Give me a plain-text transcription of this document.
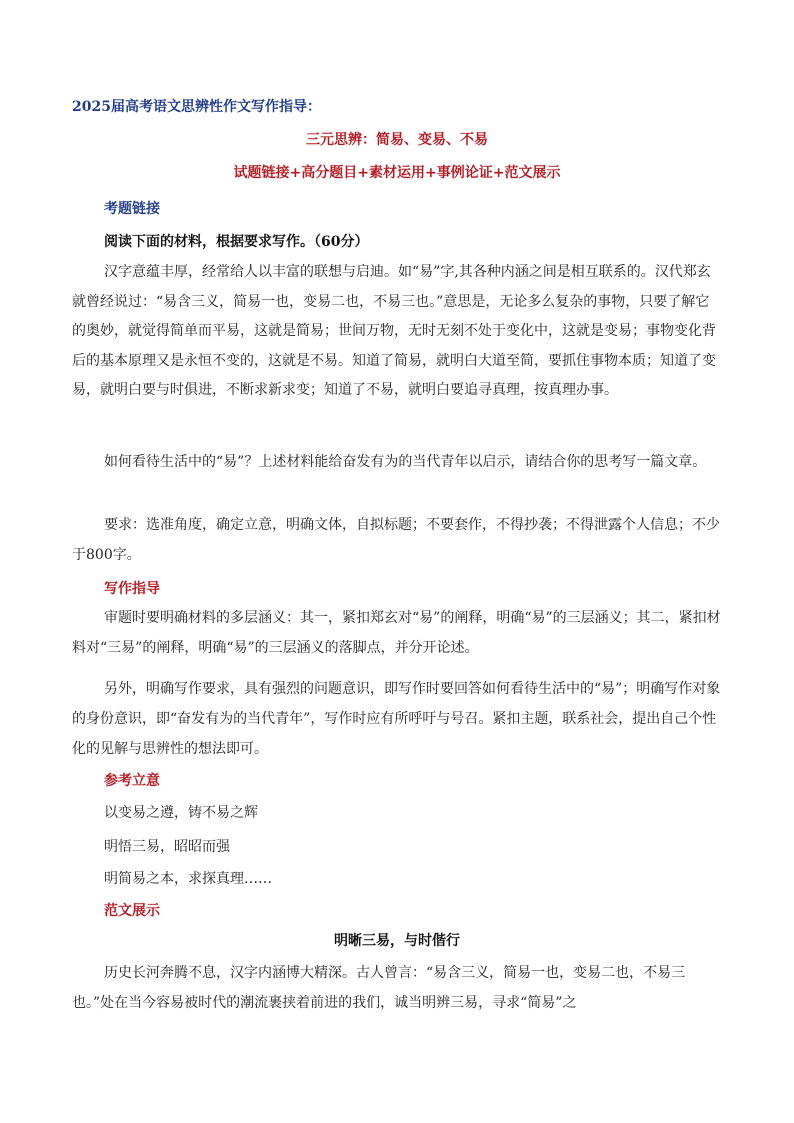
2025届高考语文思辨性作文写作指导：
三元思辨：简易、变易、不易
试题链接+高分题目+素材运用+事例论证+范文展示
考题链接
阅读下面的材料，根据要求写作。（60分）

汉字意蕴丰厚，经常给人以丰富的联想与启迪。如“易”字,其各种内涵之间是相互联系的。汉代郑玄就曾经说过：“易含三义，简易一也，变易二也，不易三也。”意思是，无论多么复杂的事物，只要了解它的奥妙，就觉得简单而平易，这就是简易；世间万物，无时无刻不处于变化中，这就是变易；事物变化背后的基本原理又是永恒不变的，这就是不易。知道了简易，就明白大道至简，要抓住事物本质；知道了变易，就明白要与时俱进，不断求新求变；知道了不易，就明白要追寻真理，按真理办事。

如何看待生活中的“易”？上述材料能给奋发有为的当代青年以启示，请结合你的思考写一篇文章。

要求：选准角度，确定立意，明确文体，自拟标题；不要套作，不得抄袭；不得泄露个人信息；不少于800字。

写作指导

审题时要明确材料的多层涵义：其一，紧扣郑玄对“易”的阐释，明确“易”的三层涵义；其二，紧扣材料对“三易”的阐释，明确“易”的三层涵义的落脚点，并分开论述。

另外，明确写作要求，具有强烈的问题意识，即写作时要回答如何看待生活中的“易”；明确写作对象的身份意识，即“奋发有为的当代青年”，写作时应有所呼吁与号召。紧扣主题，联系社会，提出自己个性化的见解与思辨性的想法即可。

参考立意
以变易之遵，铸不易之辉
明悟三易，昭昭而强
明简易之本，求探真理……
范文展示
明晰三易，与时偕行

历史长河奔腾不息，汉字内涵博大精深。古人曾言：“易含三义，简易一也，变易二也，不易三也。”处在当今容易被时代的潮流裹挟着前进的我们，诚当明辨三易，寻求“简易”之
